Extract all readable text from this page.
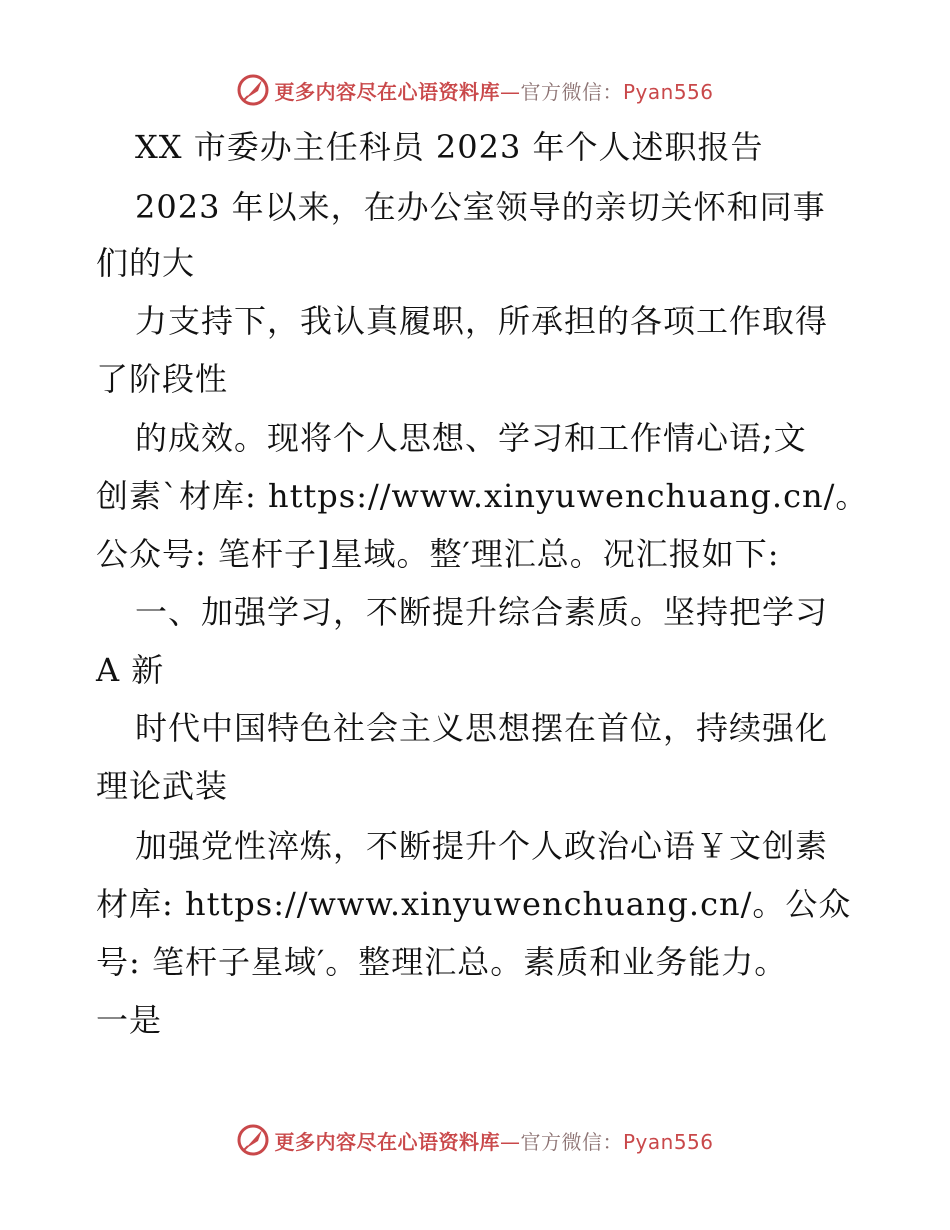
更多内容尽在心语资料库—官方微信：Pyan556
XX 市委办主任科员 2023 年个人述职报告
2023 年以来，在办公室领导的亲切关怀和同事
们的大
力支持下，我认真履职，所承担的各项工作取得
了阶段性
的成效。现将个人思想、学习和工作情心语;文
创素`材库: https://www.xinyuwenchuang.cn/。
公众号: 笔杆子]星域。整′理汇总。况汇报如下:
一、加强学习，不断提升综合素质。坚持把学习
A 新
时代中国特色社会主义思想摆在首位，持续强化
理论武装
加强党性淬炼，不断提升个人政治心语￥文创素
材库: https://www.xinyuwenchuang.cn/。公众
号: 笔杆子星域′。整理汇总。素质和业务能力。
一是
更多内容尽在心语资料库—官方微信：Pyan556
